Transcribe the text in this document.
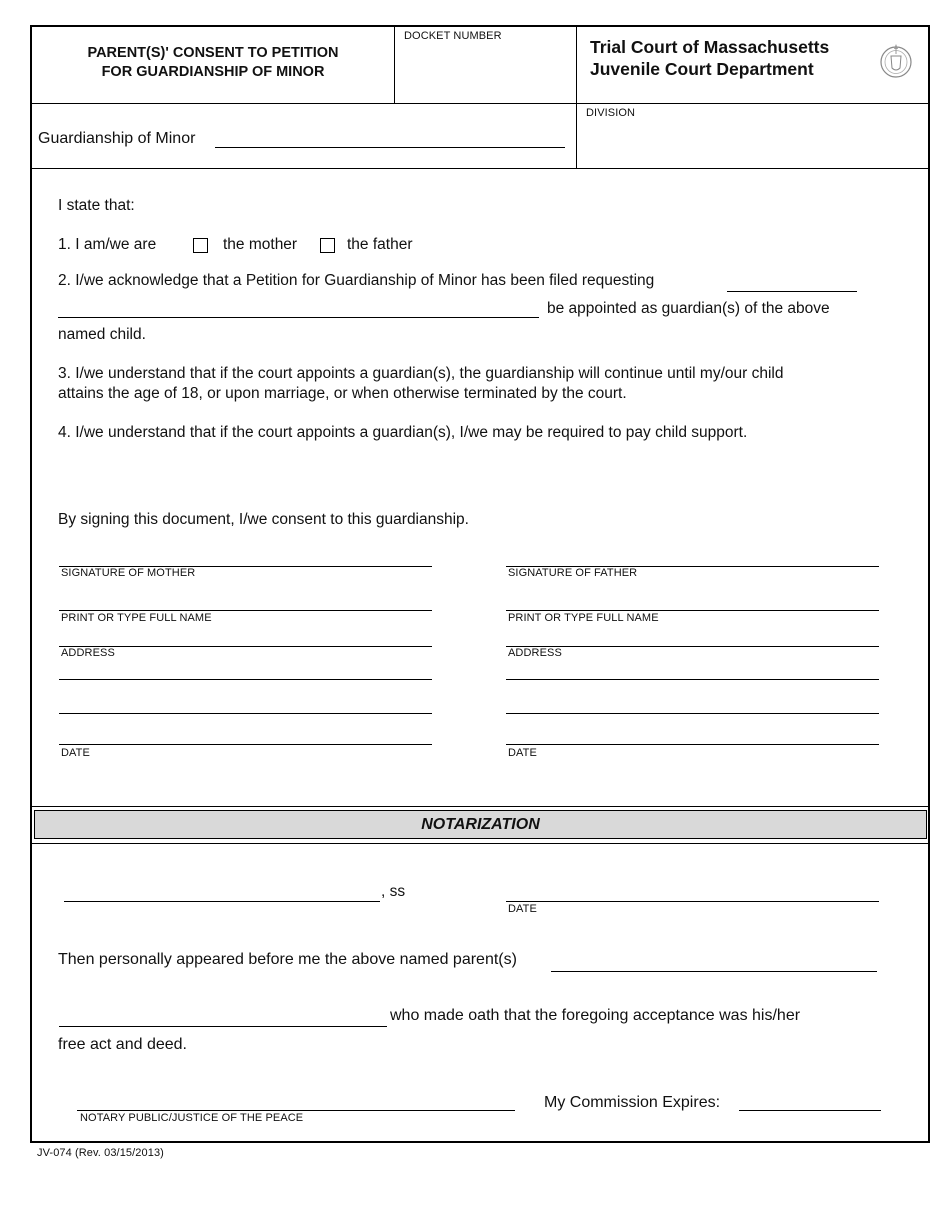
PARENT(S)' CONSENT TO PETITION
FOR GUARDIANSHIP OF MINOR
DOCKET NUMBER
Trial Court of Massachusetts
Juvenile Court Department
Guardianship of Minor
DIVISION
I state that:
1. I am/we are	the mother	the father
2. I/we acknowledge that a Petition for Guardianship of Minor has been filed requesting
be appointed as guardian(s) of the above
named child.
3. I/we understand that if the court appoints a guardian(s), the guardianship will continue until my/our child
attains the age of 18, or upon marriage, or when otherwise terminated by the court.
4. I/we understand that if the court appoints a guardian(s), I/we may be required to pay child support.
By signing this document, I/we consent to this guardianship.
SIGNATURE OF MOTHER
PRINT OR TYPE FULL NAME
ADDRESS
DATE
SIGNATURE OF FATHER
PRINT OR TYPE FULL NAME
ADDRESS
DATE
NOTARIZATION
, ss
DATE
Then personally appeared before me the above named parent(s)
who made oath that the foregoing acceptance was his/her
free act and deed.
NOTARY PUBLIC/JUSTICE OF THE PEACE
My Commission Expires:
JV-074 (Rev. 03/15/2013)
